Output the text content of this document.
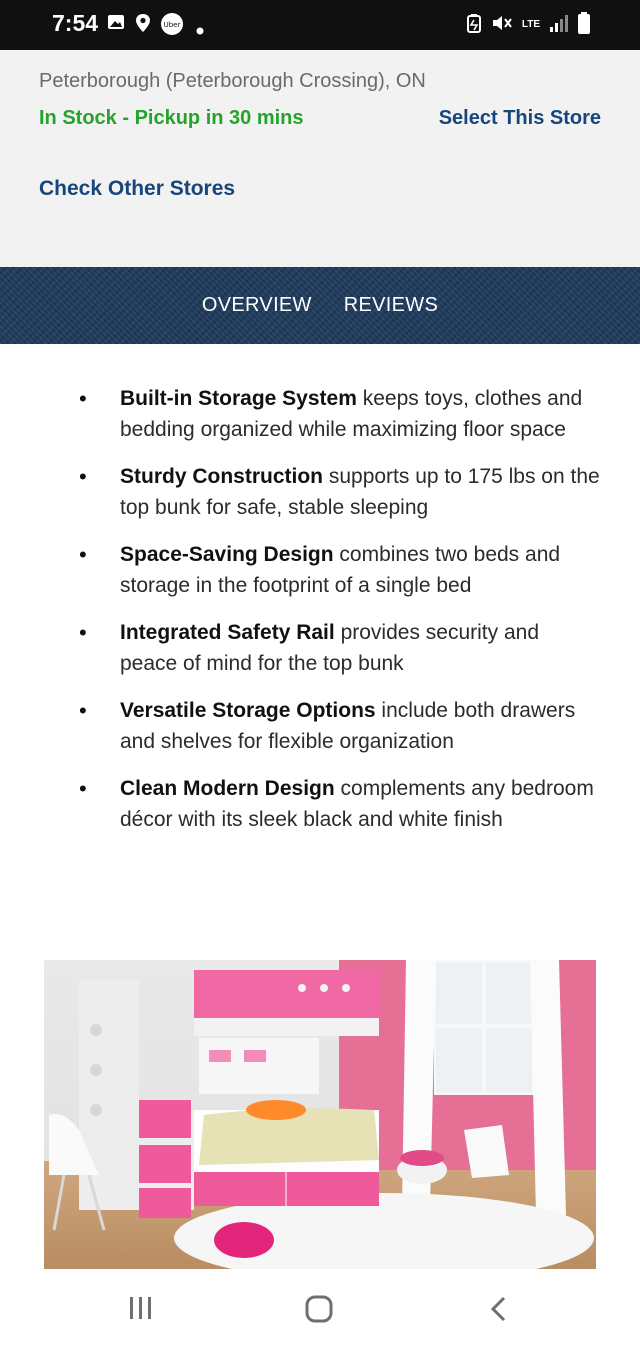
7:54	Uber	LTE
Peterborough (Peterborough Crossing), ON
In Stock - Pickup in 30 mins	Select This Store
Check Other Stores
OVERVIEW REVIEWS
• Built-in Storage System keeps toys, clothes and bedding organized while maximizing floor space
• Sturdy Construction supports up to 175 lbs on the top bunk for safe, stable sleeping
• Space-Saving Design combines two beds and storage in the footprint of a single bed
• Integrated Safety Rail provides security and peace of mind for the top bunk
• Versatile Storage Options include both drawers and shelves for flexible organization
• Clean Modern Design complements any bedroom décor with its sleek black and white finish
